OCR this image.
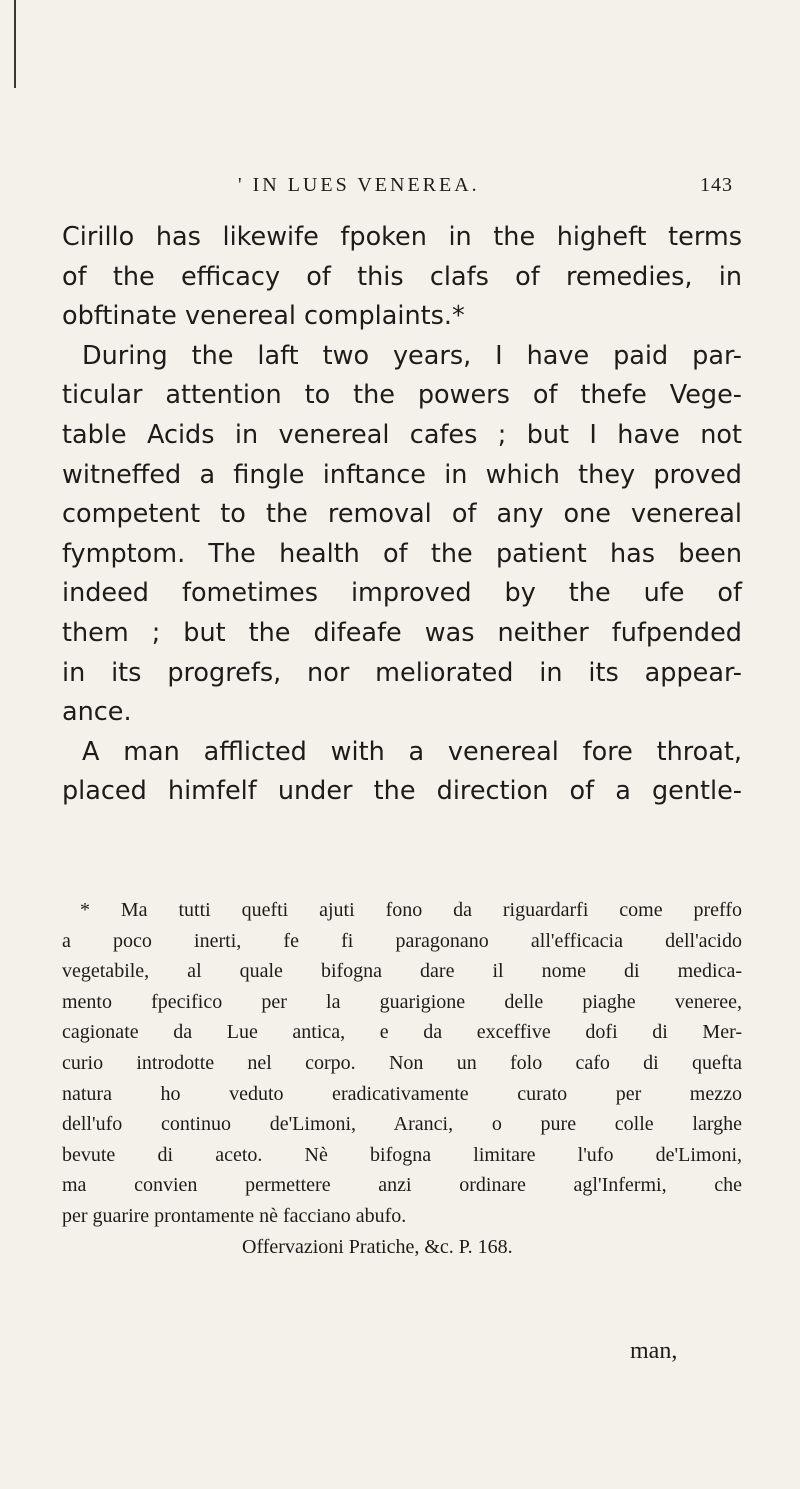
' IN LUES VENEREA.	143
Cirillo has likewife fpoken in the higheft terms
of the efficacy of this clafs of remedies, in
obftinate venereal complaints.*
During the laft two years, I have paid par-
ticular attention to the powers of thefe Vege-
table Acids in venereal cafes ; but I have not
witneffed a fingle inftance in which they proved
competent to the removal of any one venereal
fymptom. The health of the patient has been
indeed fometimes improved by the ufe of
them ; but the difeafe was neither fufpended
in its progrefs, nor meliorated in its appear-
ance.
A man afflicted with a venereal fore throat,
placed himfelf under the direction of a gentle-
* Ma tutti quefti ajuti fono da riguardarfi come preffo
a poco inerti, fe fi paragonano all'efficacia dell'acido
vegetabile, al quale bifogna dare il nome di medica-
mento fpecifico per la guarigione delle piaghe veneree,
cagionate da Lue antica, e da exceffive dofi di Mer-
curio introdotte nel corpo. Non un folo cafo di quefta
natura ho veduto eradicativamente curato per mezzo
dell'ufo continuo de'Limoni, Aranci, o pure colle larghe
bevute di aceto. Nè bifogna limitare l'ufo de'Limoni,
ma convien permettere anzi ordinare agl'Infermi, che
per guarire prontamente nè facciano abufo.
Offervazioni Pratiche, &c. P. 168.
man,
